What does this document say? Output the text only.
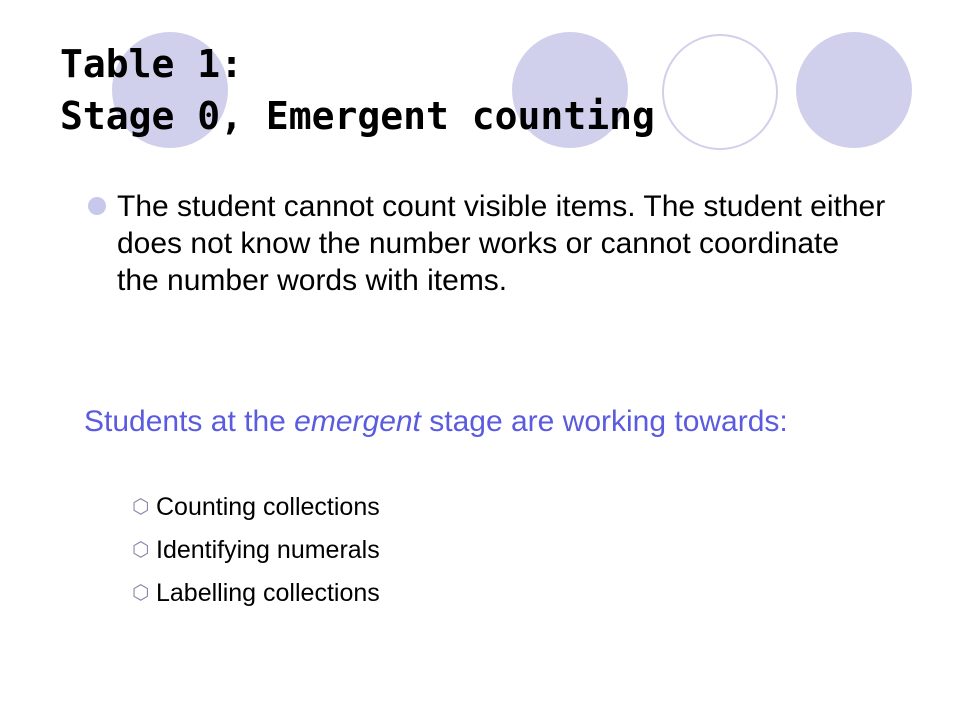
Table 1:
Stage 0, Emergent counting

The student cannot count visible items. The student either does not know the number works or cannot coordinate the number words with items.

Students at the emergent stage are working towards:

⬡ Counting collections
⬡ Identifying numerals
⬡ Labelling collections
